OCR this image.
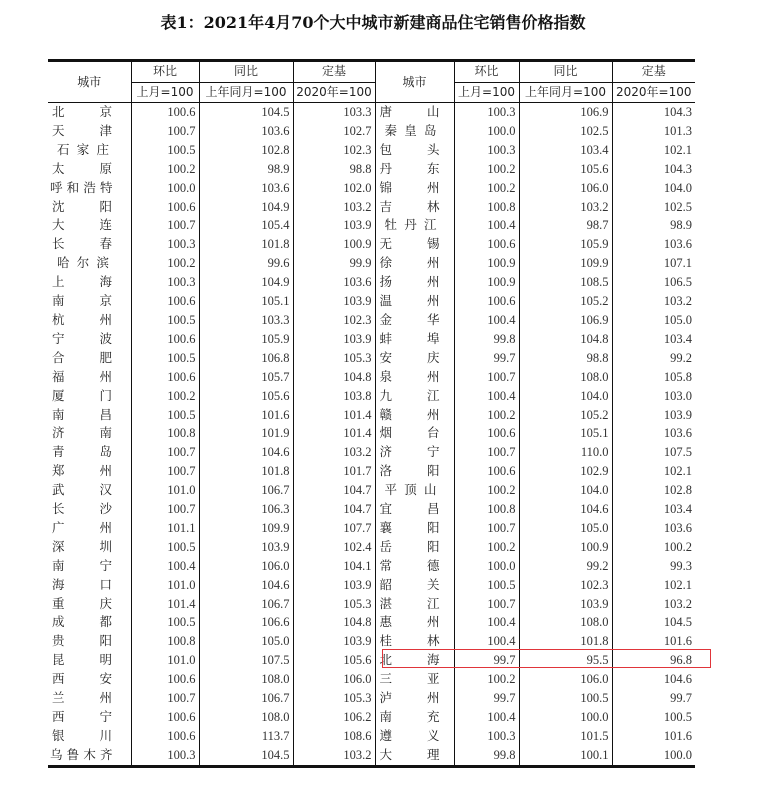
表1：2021年4月70个大中城市新建商品住宅销售价格指数
城市	环比	同比	定基	城市	环比	同比	定基
	上月=100	上年同月=100	2020年=100		上月=100	上年同月=100	2020年=100

北京	100.6	104.5	103.3	唐山	100.3	106.9	104.3

天津	100.7	103.6	102.7	秦皇岛	100.0	102.5	101.3

石家庄	100.5	102.8	102.3	包头	100.3	103.4	102.1

太原	100.2	98.9	98.8	丹东	100.2	105.6	104.3

呼和浩特	100.0	103.6	102.0	锦州	100.2	106.0	104.0

沈阳	100.6	104.9	103.2	吉林	100.8	103.2	102.5

大连	100.7	105.4	103.9	牡丹江	100.4	98.7	98.9

长春	100.3	101.8	100.9	无锡	100.6	105.9	103.6

哈尔滨	100.2	99.6	99.9	徐州	100.9	109.9	107.1

上海	100.3	104.9	103.6	扬州	100.9	108.5	106.5

南京	100.6	105.1	103.9	温州	100.6	105.2	103.2

杭州	100.5	103.3	102.3	金华	100.4	106.9	105.0

宁波	100.6	105.9	103.9	蚌埠	99.8	104.8	103.4

合肥	100.5	106.8	105.3	安庆	99.7	98.8	99.2

福州	100.6	105.7	104.8	泉州	100.7	108.0	105.8

厦门	100.2	105.6	103.8	九江	100.4	104.0	103.0

南昌	100.5	101.6	101.4	赣州	100.2	105.2	103.9

济南	100.8	101.9	101.4	烟台	100.6	105.1	103.6

青岛	100.7	104.6	103.2	济宁	100.7	110.0	107.5

郑州	100.7	101.8	101.7	洛阳	100.6	102.9	102.1

武汉	101.0	106.7	104.7	平顶山	100.2	104.0	102.8

长沙	100.7	106.3	104.7	宜昌	100.8	104.6	103.4

广州	101.1	109.9	107.7	襄阳	100.7	105.0	103.6

深圳	100.5	103.9	102.4	岳阳	100.2	100.9	100.2

南宁	100.4	106.0	104.1	常德	100.0	99.2	99.3

海口	101.0	104.6	103.9	韶关	100.5	102.3	102.1

重庆	101.4	106.7	105.3	湛江	100.7	103.9	103.2

成都	100.5	106.6	104.8	惠州	100.4	108.0	104.5

贵阳	100.8	105.0	103.9	桂林	100.4	101.8	101.6

昆明	101.0	107.5	105.6	北海	99.7	95.5	96.8

西安	100.6	108.0	106.0	三亚	100.2	106.0	104.6

兰州	100.7	106.7	105.3	泸州	99.7	100.5	99.7

西宁	100.6	108.0	106.2	南充	100.4	100.0	100.5

银川	100.6	113.7	108.6	遵义	100.3	101.5	101.6

乌鲁木齐	100.3	104.5	103.2	大理	99.8	100.1	100.0
